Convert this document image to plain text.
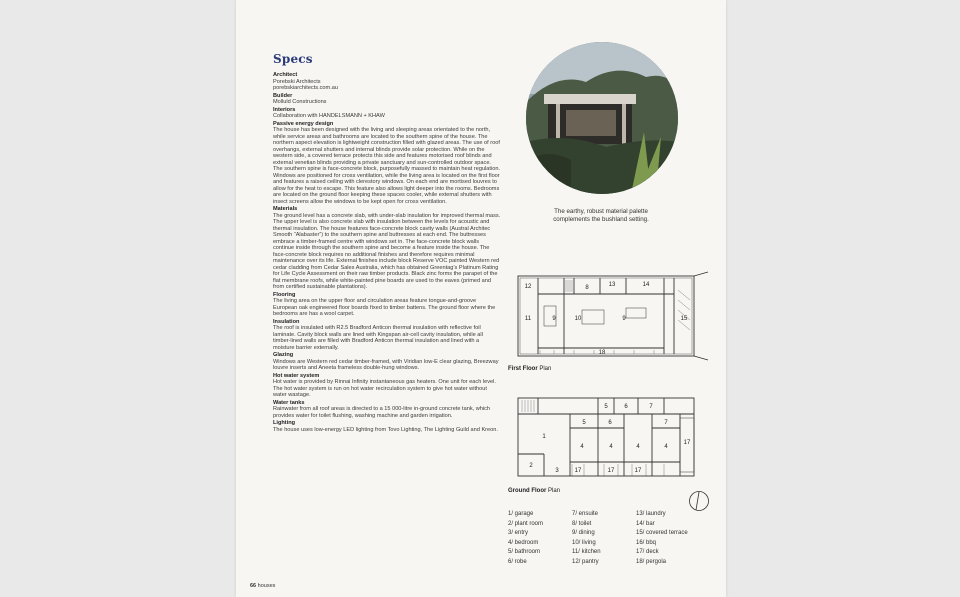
Specs
Architect
Porebski Architects
porebskiarchitects.com.au
Builder
Molluld Constructions
Interiors
Collaboration with HANDELSMANN + KHAW
Passive energy design
The house has been designed with the living and sleeping areas orientated to the north, while service areas and bathrooms are located to the southern spine of the house. The northern aspect elevation is lightweight construction filled with glazed areas. The use of roof overhangs, external shutters and internal blinds provide solar protection. While on the western side, a covered terrace protects this side and features motorised roof blinds and external venetian blinds providing a private sanctuary and sun-controlled outdoor space. The southern spine is face-concrete block, purposefully massed to maintain heat regulation. Windows are positioned for cross ventilation, while the living area is located on the first floor and features a raised ceiling with clerestory windows. On each end are mortised louvres to allow for the heat to escape. This feature also allows light deeper into the rooms. Bedrooms are located on the ground floor keeping these spaces cooler, while external shutters with insect screens allow the windows to be kept open for cross ventilation.
Materials
The ground level has a concrete slab, with under-slab insulation for improved thermal mass. The upper level is also concrete slab with insulation between the levels for acoustic and thermal insulation. The house features face-concrete block cavity walls (Austral Architec Smooth “Alabaster”) to the southern spine and buttresses at each end. The buttresses embrace a timber-framed centre with windows set in. The face-concrete block walls continue inside through the southern spine and become a feature inside the house. The face-concrete block requires no additional finishes and therefore requires minimal maintenance over its life. External finishes include block Reserve VOC painted Western red cedar cladding from Cedar Sales Australia, which has obtained Greentag’s Platinum Rating for Life Cycle Assessment on their raw timber products. Black zinc forms the parapet of the flat membrane roofs, while white-painted pine boards are used to the eaves (primed and from certified sustainable plantations).
Flooring
The living area on the upper floor and circulation areas feature tongue-and-groove European oak engineered floor boards fixed to timber battens. The ground floor where the bedrooms are has a wool carpet.
Insulation
The roof is insulated with R2.5 Bradford Anticon thermal insulation with reflective foil laminate. Cavity block walls are lined with Kingspan air-cell cavity insulation, while all timber-lined walls are filled with Bradford Anticon thermal insulation and lined with a moisture barrier externally.
Glazing
Windows are Western red cedar timber-framed, with Viridian low-E clear glazing, Breezway louvre inserts and Aneeta frameless double-hung windows.
Hot water system
Hot water is provided by Rinnai Infinity instantaneous gas heaters. One unit for each level. The hot water system is run on hot water recirculation system to give hot water without water wastage.
Water tanks
Rainwater from all roof areas is directed to a 15 000-litre in-ground concrete tank, which provides water for toilet flushing, washing machine and garden irrigation.
Lighting
The house uses low-energy LED lighting from Tovo Lighting, The Lighting Guild and Kreon.
The earthy, robust material palette complements the bushland setting.
12	8	13	14
11	9	10	9	15
18
First Floor Plan
5	6	7
5	6	7
1
4	4	4	4
17
2
3	17	17	17
Ground Floor Plan
1/ garage
2/ plant room
3/ entry
4/ bedroom
5/ bathroom
6/ robe
7/ ensuite
8/ toilet
9/ dining
10/ living
11/ kitchen
12/ pantry
13/ laundry
14/ bar
15/ covered terrace
16/ bbq
17/ deck
18/ pergola
66 houses
